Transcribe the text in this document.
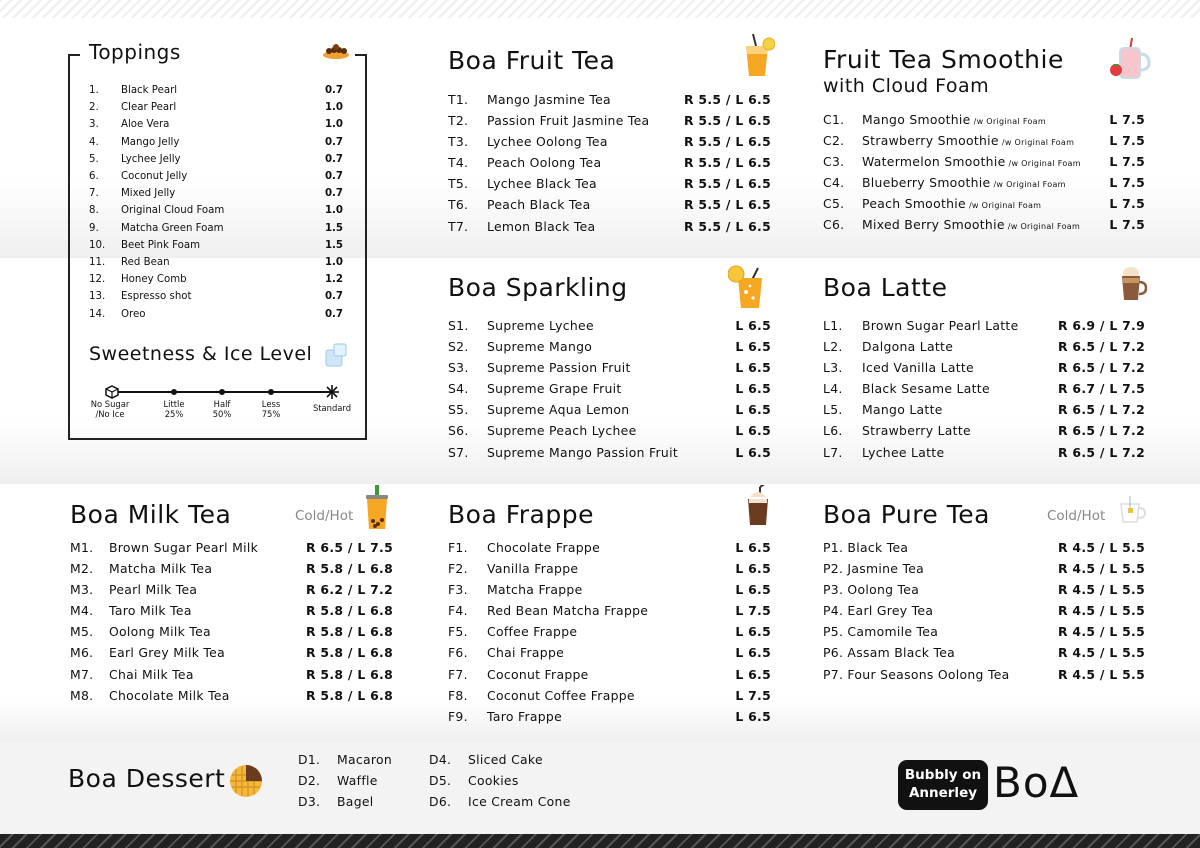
Toppings
1.	Black Pearl	0.7
2.	Clear Pearl	1.0
3.	Aloe Vera	1.0
4.	Mango Jelly	0.7
5.	Lychee Jelly	0.7
6.	Coconut Jelly	0.7
7.	Mixed Jelly	0.7
8.	Original Cloud Foam	1.0
9.	Matcha Green Foam	1.5
10.	Beet Pink Foam	1.5
11.	Red Bean	1.0
12.	Honey Comb	1.2
13.	Espresso shot	0.7
14.	Oreo	0.7
Sweetness & Ice Level
No Sugar
/No Ice
Little
25%
Half
50%
Less
75%
Standard
Boa Fruit Tea
T1.	Mango Jasmine Tea	R 5.5 / L 6.5
T2.	Passion Fruit Jasmine Tea	R 5.5 / L 6.5
T3.	Lychee Oolong Tea	R 5.5 / L 6.5
T4.	Peach Oolong Tea	R 5.5 / L 6.5
T5.	Lychee Black Tea	R 5.5 / L 6.5
T6.	Peach Black Tea	R 5.5 / L 6.5
T7.	Lemon Black Tea	R 5.5 / L 6.5
Fruit Tea Smoothie
with Cloud Foam
C1.	Mango Smoothie /w Original Foam	L 7.5
C2.	Strawberry Smoothie /w Original Foam	L 7.5
C3.	Watermelon Smoothie /w Original Foam	L 7.5
C4.	Blueberry Smoothie /w Original Foam	L 7.5
C5.	Peach Smoothie /w Original Foam	L 7.5
C6.	Mixed Berry Smoothie /w Original Foam	L 7.5
Boa Sparkling
S1.	Supreme Lychee	L 6.5
S2.	Supreme Mango	L 6.5
S3.	Supreme Passion Fruit	L 6.5
S4.	Supreme Grape Fruit	L 6.5
S5.	Supreme Aqua Lemon	L 6.5
S6.	Supreme Peach Lychee	L 6.5
S7.	Supreme Mango Passion Fruit	L 6.5
Boa Latte
L1.	Brown Sugar Pearl Latte	R 6.9 / L 7.9
L2.	Dalgona Latte	R 6.5 / L 7.2
L3.	Iced Vanilla Latte	R 6.5 / L 7.2
L4.	Black Sesame Latte	R 6.7 / L 7.5
L5.	Mango Latte	R 6.5 / L 7.2
L6.	Strawberry Latte	R 6.5 / L 7.2
L7.	Lychee Latte	R 6.5 / L 7.2
Boa Milk Tea	Cold/Hot
M1.	Brown Sugar Pearl Milk	R 6.5 / L 7.5
M2.	Matcha Milk Tea	R 5.8 / L 6.8
M3.	Pearl Milk Tea	R 6.2 / L 7.2
M4.	Taro Milk Tea	R 5.8 / L 6.8
M5.	Oolong Milk Tea	R 5.8 / L 6.8
M6.	Earl Grey Milk Tea	R 5.8 / L 6.8
M7.	Chai Milk Tea	R 5.8 / L 6.8
M8.	Chocolate Milk Tea	R 5.8 / L 6.8
Boa Frappe
F1.	Chocolate Frappe	L 6.5
F2.	Vanilla Frappe	L 6.5
F3.	Matcha Frappe	L 6.5
F4.	Red Bean Matcha Frappe	L 7.5
F5.	Coffee Frappe	L 6.5
F6.	Chai Frappe	L 6.5
F7.	Coconut Frappe	L 6.5
F8.	Coconut Coffee Frappe	L 7.5
F9.	Taro Frappe	L 6.5
Boa Pure Tea	Cold/Hot
P1. Black Tea	R 4.5 / L 5.5
P2. Jasmine Tea	R 4.5 / L 5.5
P3. Oolong Tea	R 4.5 / L 5.5
P4. Earl Grey Tea	R 4.5 / L 5.5
P5. Camomile Tea	R 4.5 / L 5.5
P6. Assam Black Tea	R 4.5 / L 5.5
P7. Four Seasons Oolong Tea	R 4.5 / L 5.5
Boa Dessert
D1.	Macaron
D2.	Waffle
D3.	Bagel
D4.	Sliced Cake
D5.	Cookies
D6.	Ice Cream Cone
Bubbly on
Annerley BoΔ
